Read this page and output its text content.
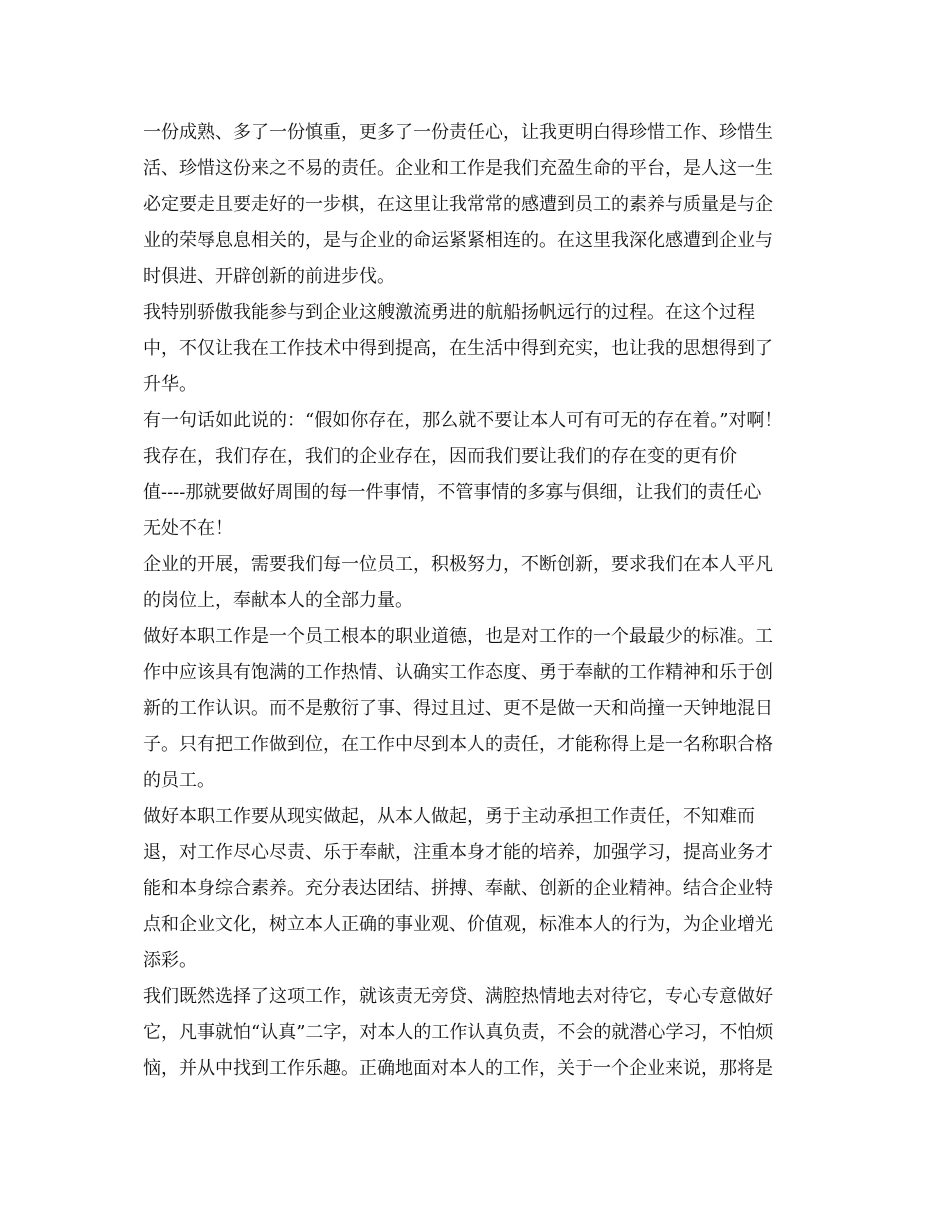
一份成熟、多了一份慎重，更多了一份责任心，让我更明白得珍惜工作、珍惜生
活、珍惜这份来之不易的责任。企业和工作是我们充盈生命的平台，是人这一生
必定要走且要走好的一步棋，在这里让我常常的感遭到员工的素养与质量是与企
业的荣辱息息相关的，是与企业的命运紧紧相连的。在这里我深化感遭到企业与
时俱进、开辟创新的前进步伐。
我特别骄傲我能参与到企业这艘激流勇进的航船扬帆远行的过程。在这个过程
中，不仅让我在工作技术中得到提高，在生活中得到充实，也让我的思想得到了
升华。
有一句话如此说的：“假如你存在，那么就不要让本人可有可无的存在着。”对啊！
我存在，我们存在，我们的企业存在，因而我们要让我们的存在变的更有价
值----那就要做好周围的每一件事情，不管事情的多寡与俱细，让我们的责任心
无处不在！
企业的开展，需要我们每一位员工，积极努力，不断创新，要求我们在本人平凡
的岗位上，奉献本人的全部力量。
做好本职工作是一个员工根本的职业道德，也是对工作的一个最最少的标准。工
作中应该具有饱满的工作热情、认确实工作态度、勇于奉献的工作精神和乐于创
新的工作认识。而不是敷衍了事、得过且过、更不是做一天和尚撞一天钟地混日
子。只有把工作做到位，在工作中尽到本人的责任，才能称得上是一名称职合格
的员工。
做好本职工作要从现实做起，从本人做起，勇于主动承担工作责任，不知难而
退，对工作尽心尽责、乐于奉献，注重本身才能的培养，加强学习，提高业务才
能和本身综合素养。充分表达团结、拼搏、奉献、创新的企业精神。结合企业特
点和企业文化，树立本人正确的事业观、价值观，标准本人的行为，为企业增光
添彩。
我们既然选择了这项工作，就该责无旁贷、满腔热情地去对待它，专心专意做好
它，凡事就怕“认真”二字，对本人的工作认真负责，不会的就潜心学习，不怕烦
恼，并从中找到工作乐趣。正确地面对本人的工作，关于一个企业来说，那将是
